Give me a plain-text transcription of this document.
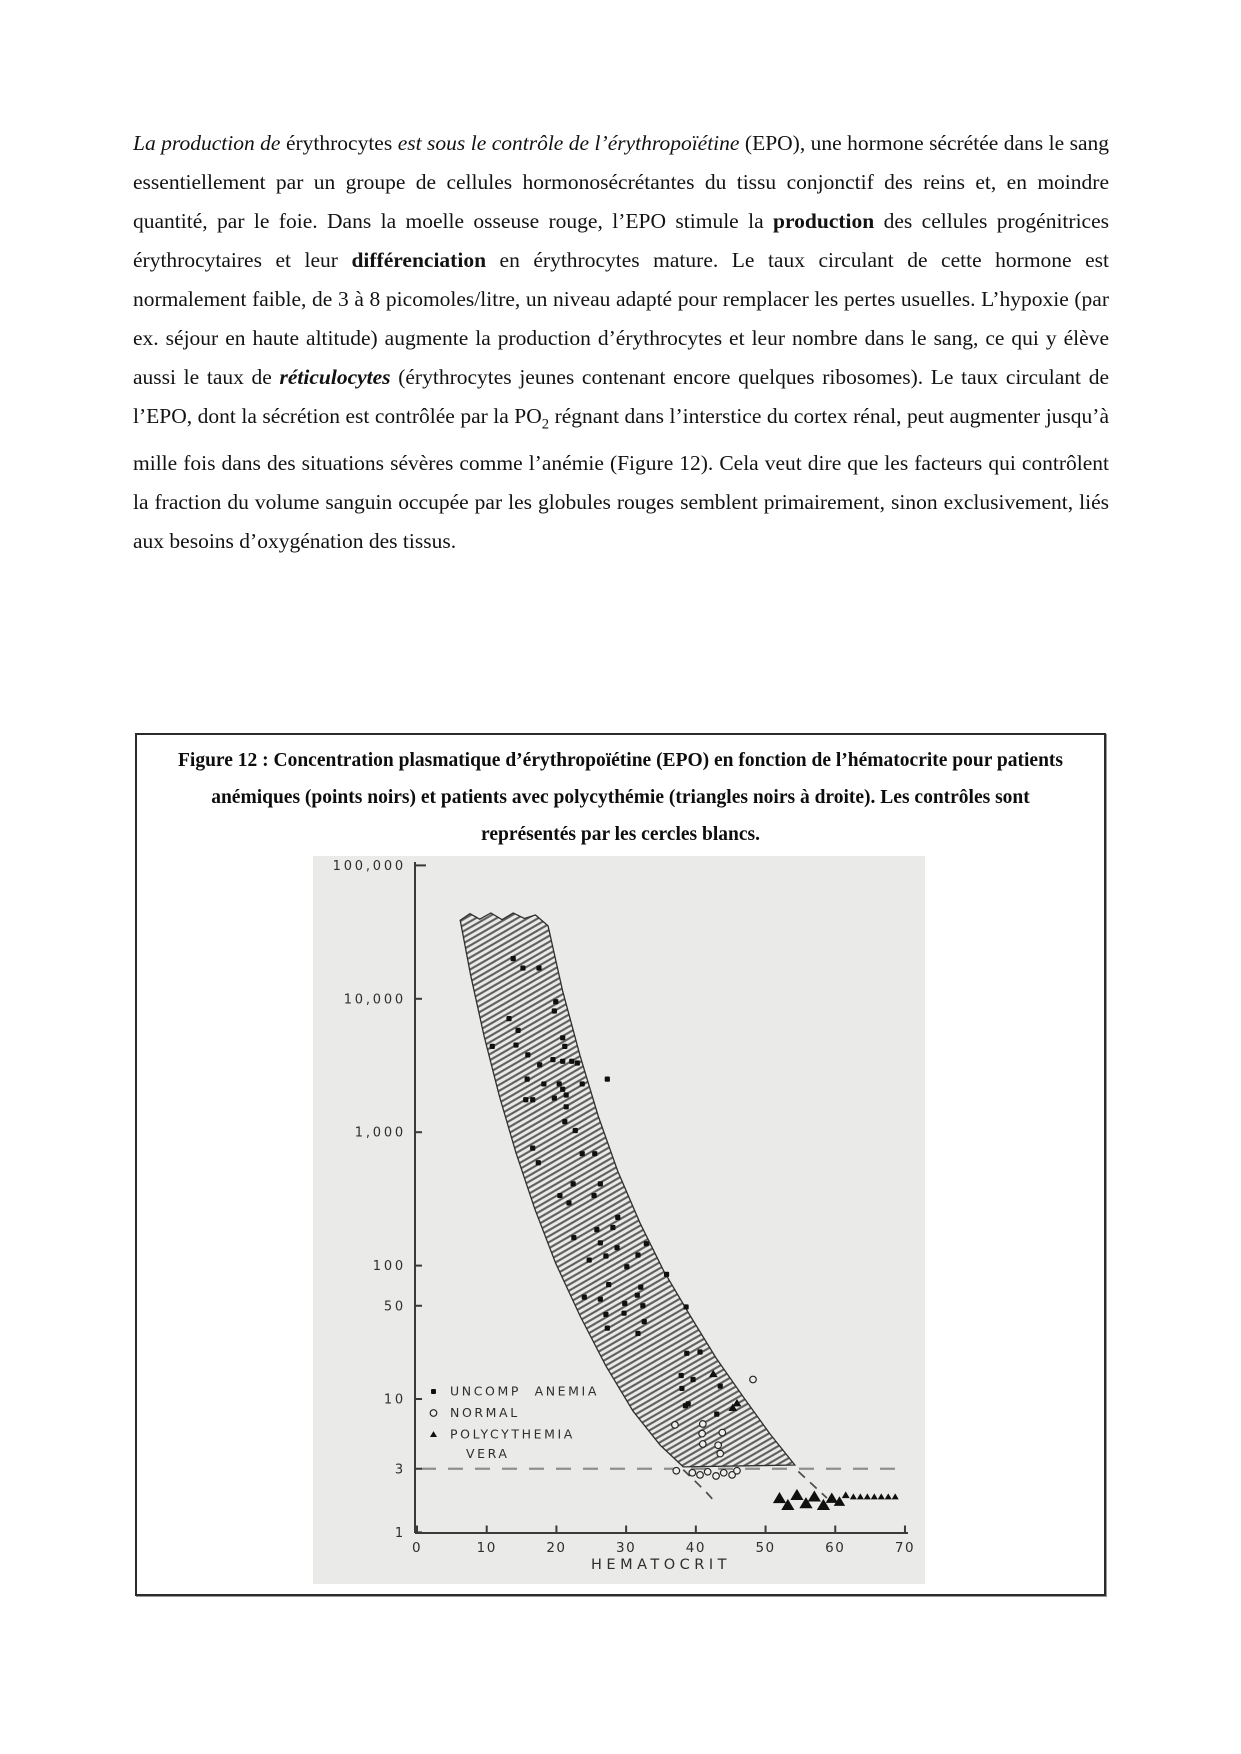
La production de érythrocytes est sous le contrôle de l’érythropoïétine (EPO), une hormone sécrétée dans le sang essentiellement par un groupe de cellules hormonosécrétantes du tissu conjonctif des reins et, en moindre quantité, par le foie. Dans la moelle osseuse rouge, l’EPO stimule la production des cellules progénitrices érythrocytaires et leur différenciation en érythrocytes mature. Le taux circulant de cette hormone est normalement faible, de 3 à 8 picomoles/litre, un niveau adapté pour remplacer les pertes usuelles. L’hypoxie (par ex. séjour en haute altitude) augmente la production d’érythrocytes et leur nombre dans le sang, ce qui y élève aussi le taux de réticulocytes (érythrocytes jeunes contenant encore quelques ribosomes). Le taux circulant de l’EPO, dont la sécrétion est contrôlée par la $PO_2$ régnant dans l’interstice du cortex rénal, peut augmenter jusqu’à mille fois dans des situations sévères comme l’anémie (Figure 12). Cela veut dire que les facteurs qui contrôlent la fraction du volume sanguin occupée par les globules rouges semblent primairement, sinon exclusivement, liés aux besoins d’oxygénation des tissus.

Figure 12 : Concentration plasmatique d’érythropoïétine (EPO) en fonction de l’hématocrite pour patients anémiques (points noirs) et patients avec polycythémie (triangles noirs à droite). Les contrôles sont représentés par les cercles blancs.
100,000
10,000
1,000
100
50
10
3
1
0	10	20	30	40	50	60	70
HEMATOCRIT
UNCOMP ANEMIA
NORMAL
POLYCYTHEMIA
VERA
